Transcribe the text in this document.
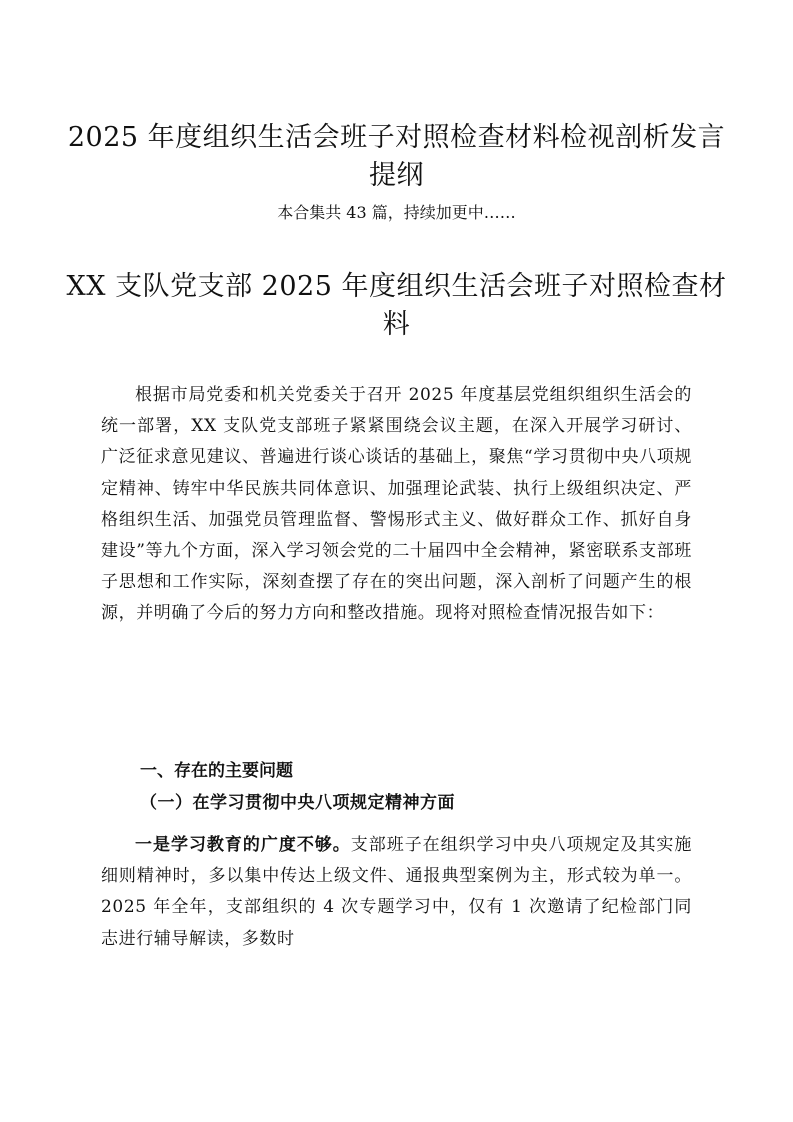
2025 年度组织生活会班子对照检查材料检视剖析发言提纲

本合集共 43 篇，持续加更中……

XX 支队党支部 2025 年度组织生活会班子对照检查材料

根据市局党委和机关党委关于召开 2025 年度基层党组织组织生活会的统一部署，XX 支队党支部班子紧紧围绕会议主题，在深入开展学习研讨、广泛征求意见建议、普遍进行谈心谈话的基础上，聚焦“学习贯彻中央八项规定精神、铸牢中华民族共同体意识、加强理论武装、执行上级组织决定、严格组织生活、加强党员管理监督、警惕形式主义、做好群众工作、抓好自身建设”等九个方面，深入学习领会党的二十届四中全会精神，紧密联系支部班子思想和工作实际，深刻查摆了存在的突出问题，深入剖析了问题产生的根源，并明确了今后的努力方向和整改措施。现将对照检查情况报告如下：

一、存在的主要问题
（一）在学习贯彻中央八项规定精神方面

一是学习教育的广度不够。支部班子在组织学习中央八项规定及其实施细则精神时，多以集中传达上级文件、通报典型案例为主，形式较为单一。2025 年全年，支部组织的 4 次专题学习中，仅有 1 次邀请了纪检部门同志进行辅导解读，多数时
